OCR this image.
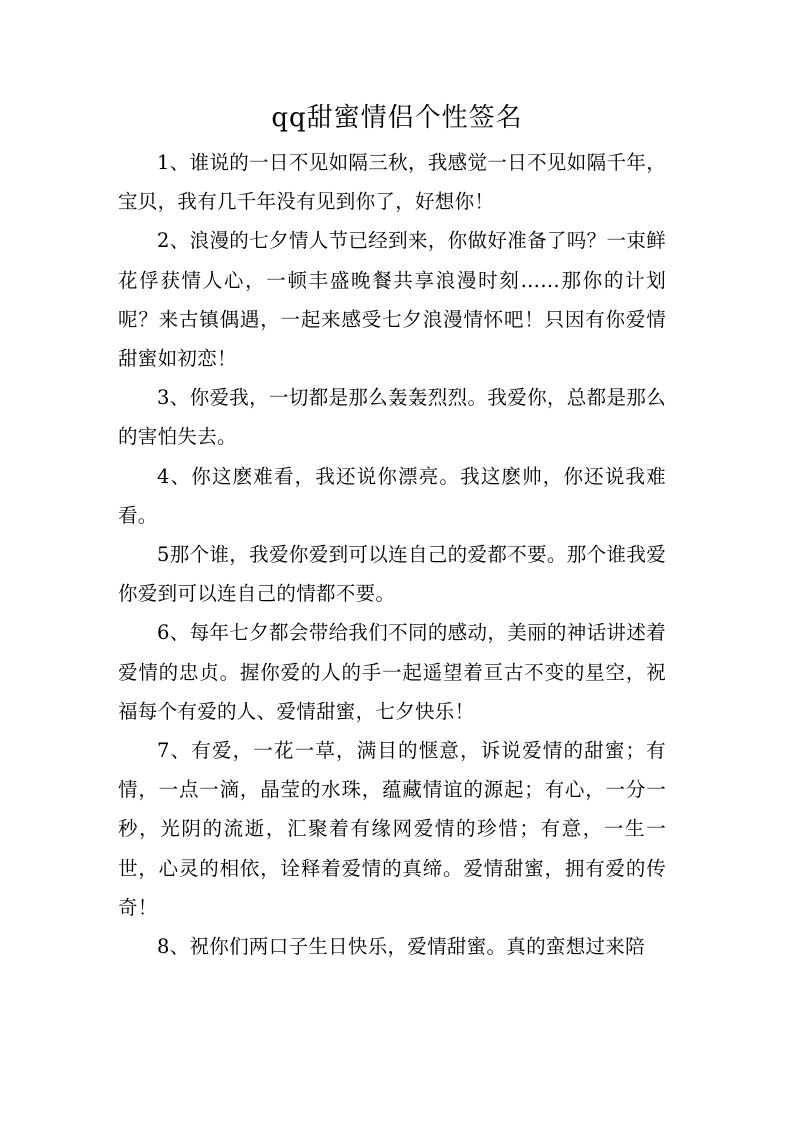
qq甜蜜情侣个性签名

1、谁说的一日不见如隔三秋，我感觉一日不见如隔千年，宝贝，我有几千年没有见到你了，好想你！

2、浪漫的七夕情人节已经到来，你做好准备了吗？一束鲜花俘获情人心，一顿丰盛晚餐共享浪漫时刻……那你的计划呢？来古镇偶遇，一起来感受七夕浪漫情怀吧！只因有你爱情甜蜜如初恋！

3、你爱我，一切都是那么轰轰烈烈。我爱你，总都是那么的害怕失去。

4、你这麽难看，我还说你漂亮。我这麽帅，你还说我难看。

5那个谁，我爱你爱到可以连自己的爱都不要。那个谁我爱你爱到可以连自己的情都不要。

6、每年七夕都会带给我们不同的感动，美丽的神话讲述着爱情的忠贞。握你爱的人的手一起遥望着亘古不变的星空，祝福每个有爱的人、爱情甜蜜，七夕快乐！

7、有爱，一花一草，满目的惬意，诉说爱情的甜蜜；有情，一点一滴，晶莹的水珠，蕴藏情谊的源起；有心，一分一秒，光阴的流逝，汇聚着有缘网爱情的珍惜；有意，一生一世，心灵的相依，诠释着爱情的真缔。爱情甜蜜，拥有爱的传奇！

8、祝你们两口子生日快乐，爱情甜蜜。真的蛮想过来陪
